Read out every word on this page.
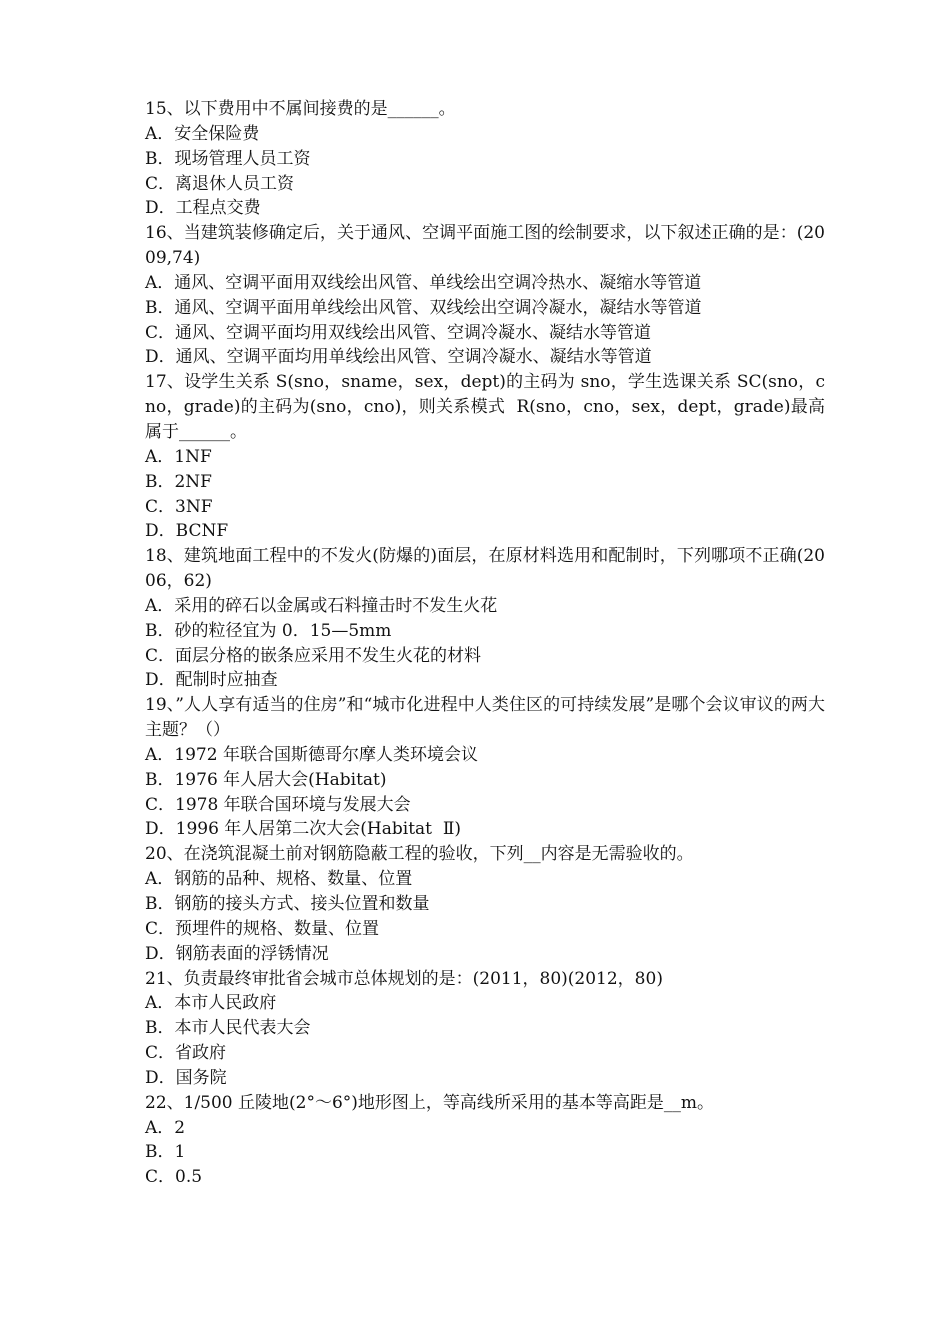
15、以下费用中不属间接费的是______。

A．安全保险费

B．现场管理人员工资

C．离退休人员工资

D．工程点交费

16、当建筑装修确定后，关于通风、空调平面施工图的绘制要求，以下叙述正确的是：(2009,74)

A．通风、空调平面用双线绘出风管、单线绘出空调冷热水、凝缩水等管道

B．通风、空调平面用单线绘出风管、双线绘出空调冷凝水，凝结水等管道

C．通风、空调平面均用双线绘出风管、空调冷凝水、凝结水等管道

D．通风、空调平面均用单线绘出风管、空调冷凝水、凝结水等管道

17、设学生关系 S(sno，sname，sex，dept)的主码为 sno，学生选课关系 SC(sno，cno，grade)的主码为(sno，cno)，则关系模式  R(sno，cno，sex，dept，grade)最高属于______。

A．1NF

B．2NF

C．3NF

D．BCNF

18、建筑地面工程中的不发火(防爆的)面层，在原材料选用和配制时，下列哪项不正确(2006，62)

A．采用的碎石以金属或石料撞击时不发生火花

B．砂的粒径宜为 0．15—5mm

C．面层分格的嵌条应采用不发生火花的材料

D．配制时应抽查

19、”人人享有适当的住房”和“城市化进程中人类住区的可持续发展”是哪个会议审议的两大主题？（）

A．1972 年联合国斯德哥尔摩人类环境会议

B．1976 年人居大会(Habitat)

C．1978 年联合国环境与发展大会

D．1996 年人居第二次大会(Habitat  Ⅱ)

20、在浇筑混凝土前对钢筋隐蔽工程的验收，下列__内容是无需验收的。

A．钢筋的品种、规格、数量、位置

B．钢筋的接头方式、接头位置和数量

C．预埋件的规格、数量、位置

D．钢筋表面的浮锈情况

21、负责最终审批省会城市总体规划的是：(2011，80)(2012，80)

A．本市人民政府

B．本市人民代表大会

C．省政府

D．国务院

22、1/500 丘陵地(2°～6°)地形图上，等高线所采用的基本等高距是__m。

A．2

B．1

C．0.5
